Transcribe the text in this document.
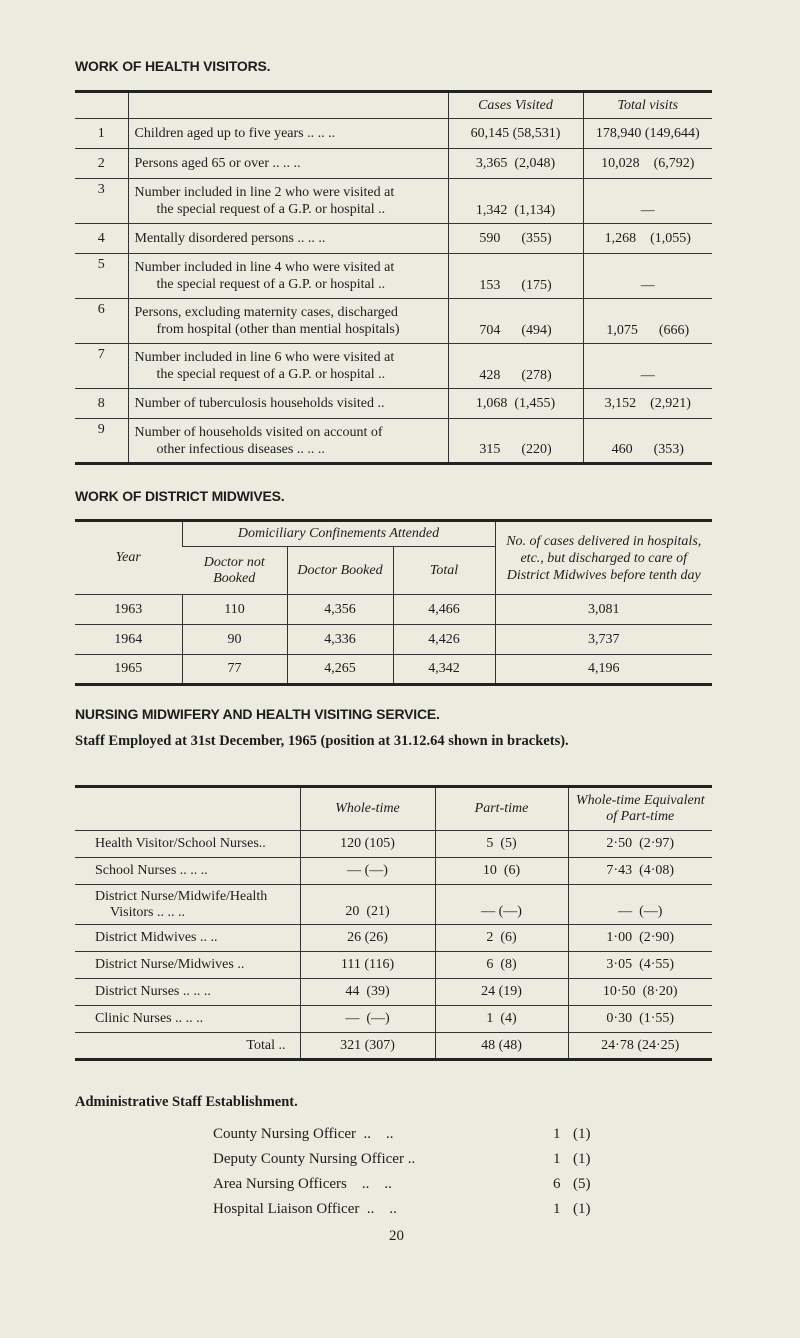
WORK OF HEALTH VISITORS.
		Cases Visited	Total visits
1	Children aged up to five years .. .. ..	60,145 (58,531)	178,940 (149,644)
2	Persons aged 65 or over .. .. ..	3,365  (2,048)	10,028    (6,792)
3	Number included in line 2 who were visited at
the special request of a G.P. or hospital ..	1,342  (1,134)	—
4	Mentally disordered persons .. .. ..	590      (355)	1,268    (1,055)
5	Number included in line 4 who were visited at
the special request of a G.P. or hospital ..	153      (175)	—
6	Persons, excluding maternity cases, discharged
from hospital (other than mential hospitals)	704      (494)	1,075      (666)
7	Number included in line 6 who were visited at
the special request of a G.P. or hospital ..	428      (278)	—
8	Number of tuberculosis households visited ..	1,068  (1,455)	3,152    (2,921)
9	Number of households visited on account of
other infectious diseases .. .. ..	315      (220)	460      (353)
WORK OF DISTRICT MIDWIVES.
Year	Domiciliary Confinements Attended			No. of cases delivered in hospitals, etc., but discharged to care of District Midwives before tenth day
	Doctor not Booked	Doctor Booked	Total	
1963	110	4,356	4,466	3,081
1964	90	4,336	4,426	3,737
1965	77	4,265	4,342	4,196
NURSING MIDWIFERY AND HEALTH VISITING SERVICE.
Staff Employed at 31st December, 1965 (position at 31.12.64 shown in brackets).
	Whole-time	Part-time	Whole-time Equivalent of Part-time

Health Visitor/School Nurses..	120 (105)	5  (5)	2·50  (2·97)

School Nurses .. .. ..	— (—)	10  (6)	7·43  (4·08)

District Nurse/Midwife/Health
Visitors .. .. ..	20  (21)	— (—)	—  (—)

District Midwives .. ..	26 (26)	2  (6)	1·00  (2·90)

District Nurse/Midwives ..	111 (116)	6  (8)	3·05  (4·55)

District Nurses .. .. ..	44  (39)	24 (19)	10·50  (8·20)

Clinic Nurses .. .. ..	—  (—)	1  (4)	0·30  (1·55)

Total ..	321 (307)	48 (48)	24·78 (24·25)
Administrative Staff Establishment.
County Nursing Officer  ..    ..	1 (1)
Deputy County Nursing Officer ..	1 (1)
Area Nursing Officers    ..    ..	6 (5)
Hospital Liaison Officer  ..    ..	1 (1)
20
